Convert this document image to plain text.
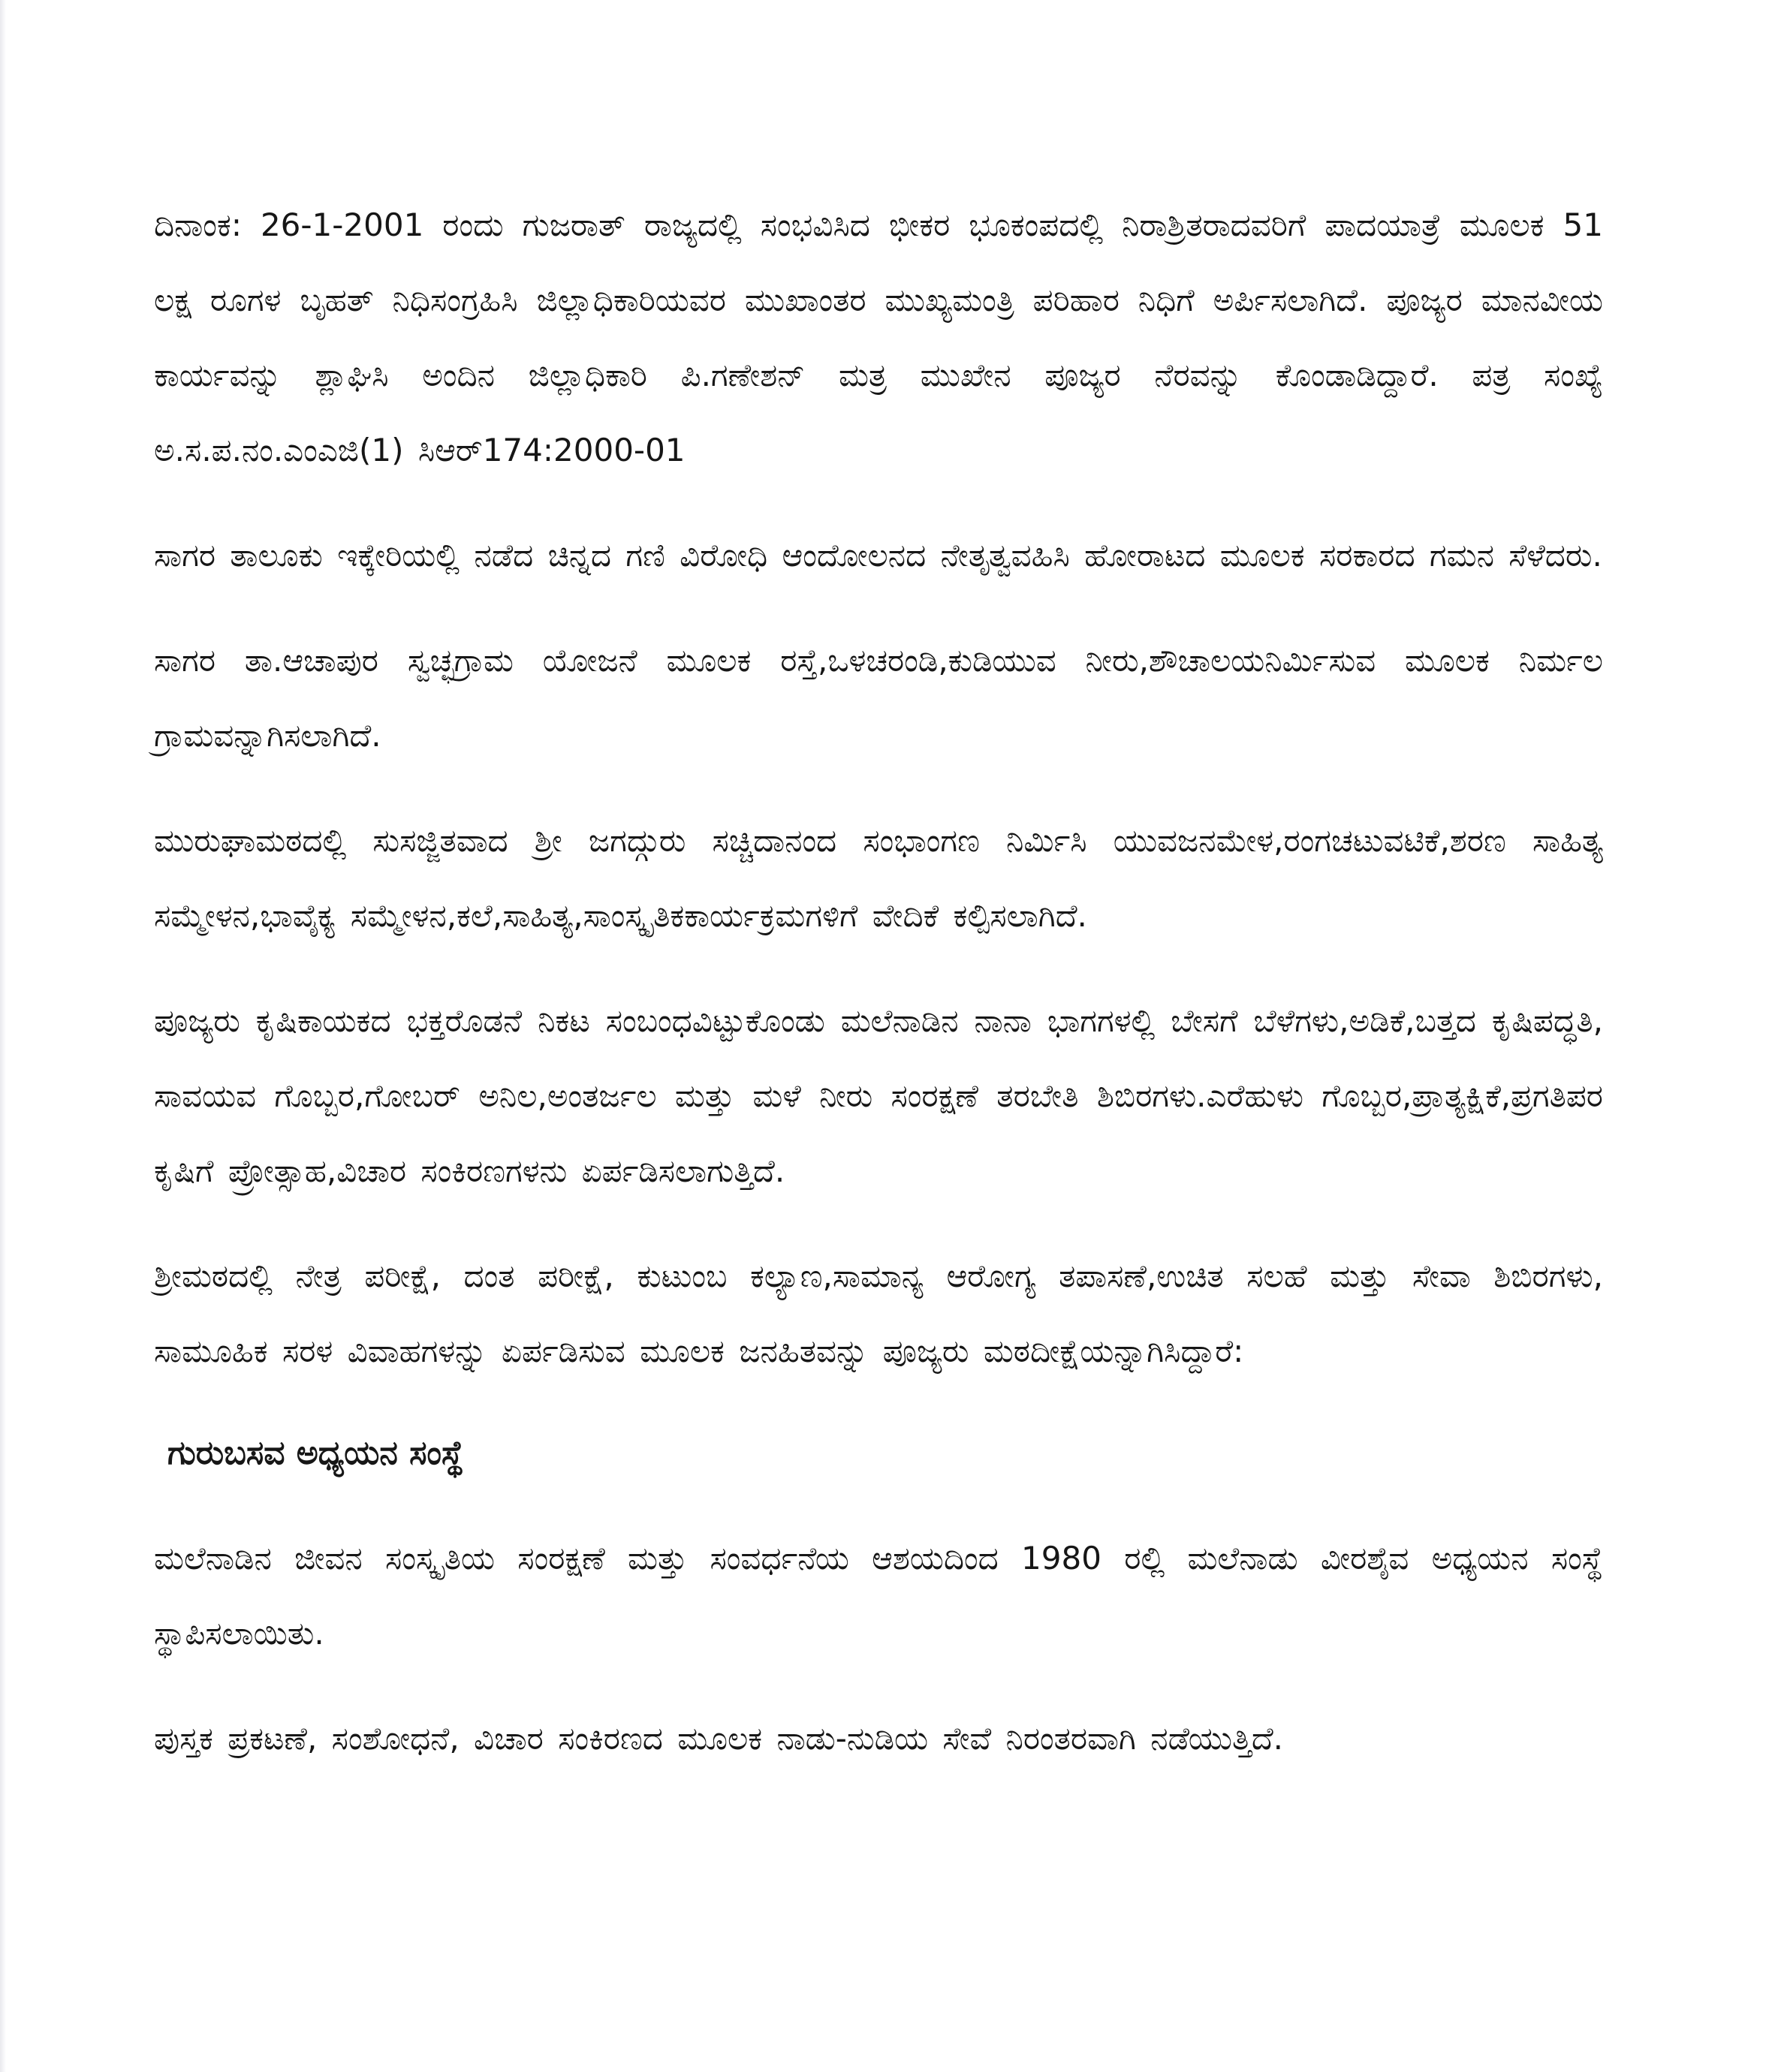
ದಿನಾಂಕ: 26-1-2001 ರಂದು ಗುಜರಾತ್ ರಾಜ್ಯದಲ್ಲಿ ಸಂಭವಿಸಿದ ಭೀಕರ ಭೂಕಂಪದಲ್ಲಿ ನಿರಾಶ್ರಿತರಾದವರಿಗೆ ಪಾದಯಾತ್ರೆ ಮೂಲಕ 51 ಲಕ್ಷ ರೂಗಳ ಬೃಹತ್ ನಿಧಿಸಂಗ್ರಹಿಸಿ ಜಿಲ್ಲಾಧಿಕಾರಿಯವರ ಮುಖಾಂತರ ಮುಖ್ಯಮಂತ್ರಿ ಪರಿಹಾರ ನಿಧಿಗೆ ಅರ್ಪಿಸಲಾಗಿದೆ. ಪೂಜ್ಯರ ಮಾನವೀಯ ಕಾರ್ಯವನ್ನು ಶ್ಲಾಘಿಸಿ ಅಂದಿನ ಜಿಲ್ಲಾಧಿಕಾರಿ ಪಿ.ಗಣೇಶನ್ ಮತ್ರ ಮುಖೇನ ಪೂಜ್ಯರ ನೆರವನ್ನು ಕೊಂಡಾಡಿದ್ದಾರೆ. ಪತ್ರ ಸಂಖ್ಯೆ ಅ.ಸ.ಪ.ನಂ.ಎಂಎಜಿ(1) ಸಿಆರ್174:2000-01

ಸಾಗರ ತಾಲೂಕು ಇಕ್ಕೇರಿಯಲ್ಲಿ ನಡೆದ ಚಿನ್ನದ ಗಣಿ ವಿರೋಧಿ ಆಂದೋಲನದ ನೇತೃತ್ವವಹಿಸಿ ಹೋರಾಟದ ಮೂಲಕ ಸರಕಾರದ ಗಮನ ಸೆಳೆದರು.

ಸಾಗರ ತಾ.ಆಚಾಪುರ ಸ್ವಚ್ಛಗ್ರಾಮ ಯೋಜನೆ ಮೂಲಕ ರಸ್ತೆ,ಒಳಚರಂಡಿ,ಕುಡಿಯುವ ನೀರು,ಶೌಚಾಲಯನಿರ್ಮಿಸುವ ಮೂಲಕ ನಿರ್ಮಲ ಗ್ರಾಮವನ್ನಾಗಿಸಲಾಗಿದೆ.

ಮುರುಘಾಮಠದಲ್ಲಿ ಸುಸಜ್ಜಿತವಾದ ಶ್ರೀ ಜಗದ್ಗುರು ಸಚ್ಚಿದಾನಂದ ಸಂಭಾಂಗಣ ನಿರ್ಮಿಸಿ ಯುವಜನಮೇಳ,ರಂಗಚಟುವಟಿಕೆ,ಶರಣ ಸಾಹಿತ್ಯ ಸಮ್ಮೇಳನ,ಭಾವೈಕ್ಯ ಸಮ್ಮೇಳನ,ಕಲೆ,ಸಾಹಿತ್ಯ,ಸಾಂಸ್ಕೃತಿಕಕಾರ್ಯಕ್ರಮಗಳಿಗೆ ವೇದಿಕೆ ಕಲ್ಪಿಸಲಾಗಿದೆ.

ಪೂಜ್ಯರು ಕೃಷಿಕಾಯಕದ ಭಕ್ತರೊಡನೆ ನಿಕಟ ಸಂಬಂಧವಿಟ್ಟುಕೊಂಡು ಮಲೆನಾಡಿನ ನಾನಾ ಭಾಗಗಳಲ್ಲಿ ಬೇಸಗೆ ಬೆಳೆಗಳು,ಅಡಿಕೆ,ಬತ್ತದ ಕೃಷಿಪದ್ಧತಿ, ಸಾವಯವ ಗೊಬ್ಬರ,ಗೋಬರ್ ಅನಿಲ,ಅಂತರ್ಜಲ ಮತ್ತು ಮಳೆ ನೀರು ಸಂರಕ್ಷಣೆ ತರಬೇತಿ ಶಿಬಿರಗಳು.ಎರೆಹುಳು ಗೊಬ್ಬರ,ಪ್ರಾತ್ಯಕ್ಷಿಕೆ,ಪ್ರಗತಿಪರ ಕೃಷಿಗೆ ಪ್ರೋತ್ಸಾಹ,ವಿಚಾರ ಸಂಕಿರಣಗಳನು ಏರ್ಪಡಿಸಲಾಗುತ್ತಿದೆ.

ಶ್ರೀಮಠದಲ್ಲಿ ನೇತ್ರ ಪರೀಕ್ಷೆ, ದಂತ ಪರೀಕ್ಷೆ, ಕುಟುಂಬ ಕಲ್ಯಾಣ,ಸಾಮಾನ್ಯ ಆರೋಗ್ಯ ತಪಾಸಣೆ,ಉಚಿತ ಸಲಹೆ ಮತ್ತು ಸೇವಾ ಶಿಬಿರಗಳು, ಸಾಮೂಹಿಕ ಸರಳ ವಿವಾಹಗಳನ್ನು ಏರ್ಪಡಿಸುವ ಮೂಲಕ ಜನಹಿತವನ್ನು ಪೂಜ್ಯರು ಮಠದೀಕ್ಷೆಯನ್ನಾಗಿಸಿದ್ದಾರೆ:

ಗುರುಬಸವ ಅಧ್ಯಯನ ಸಂಸ್ಥೆ

ಮಲೆನಾಡಿನ ಜೀವನ ಸಂಸ್ಕೃತಿಯ ಸಂರಕ್ಷಣೆ ಮತ್ತು ಸಂವರ್ಧನೆಯ ಆಶಯದಿಂದ 1980 ರಲ್ಲಿ ಮಲೆನಾಡು ವೀರಶೈವ ಅಧ್ಯಯನ ಸಂಸ್ಥೆ ಸ್ಥಾಪಿಸಲಾಯಿತು.

ಪುಸ್ತಕ ಪ್ರಕಟಣೆ, ಸಂಶೋಧನೆ, ವಿಚಾರ ಸಂಕಿರಣದ ಮೂಲಕ ನಾಡು-ನುಡಿಯ ಸೇವೆ ನಿರಂತರವಾಗಿ ನಡೆಯುತ್ತಿದೆ.
